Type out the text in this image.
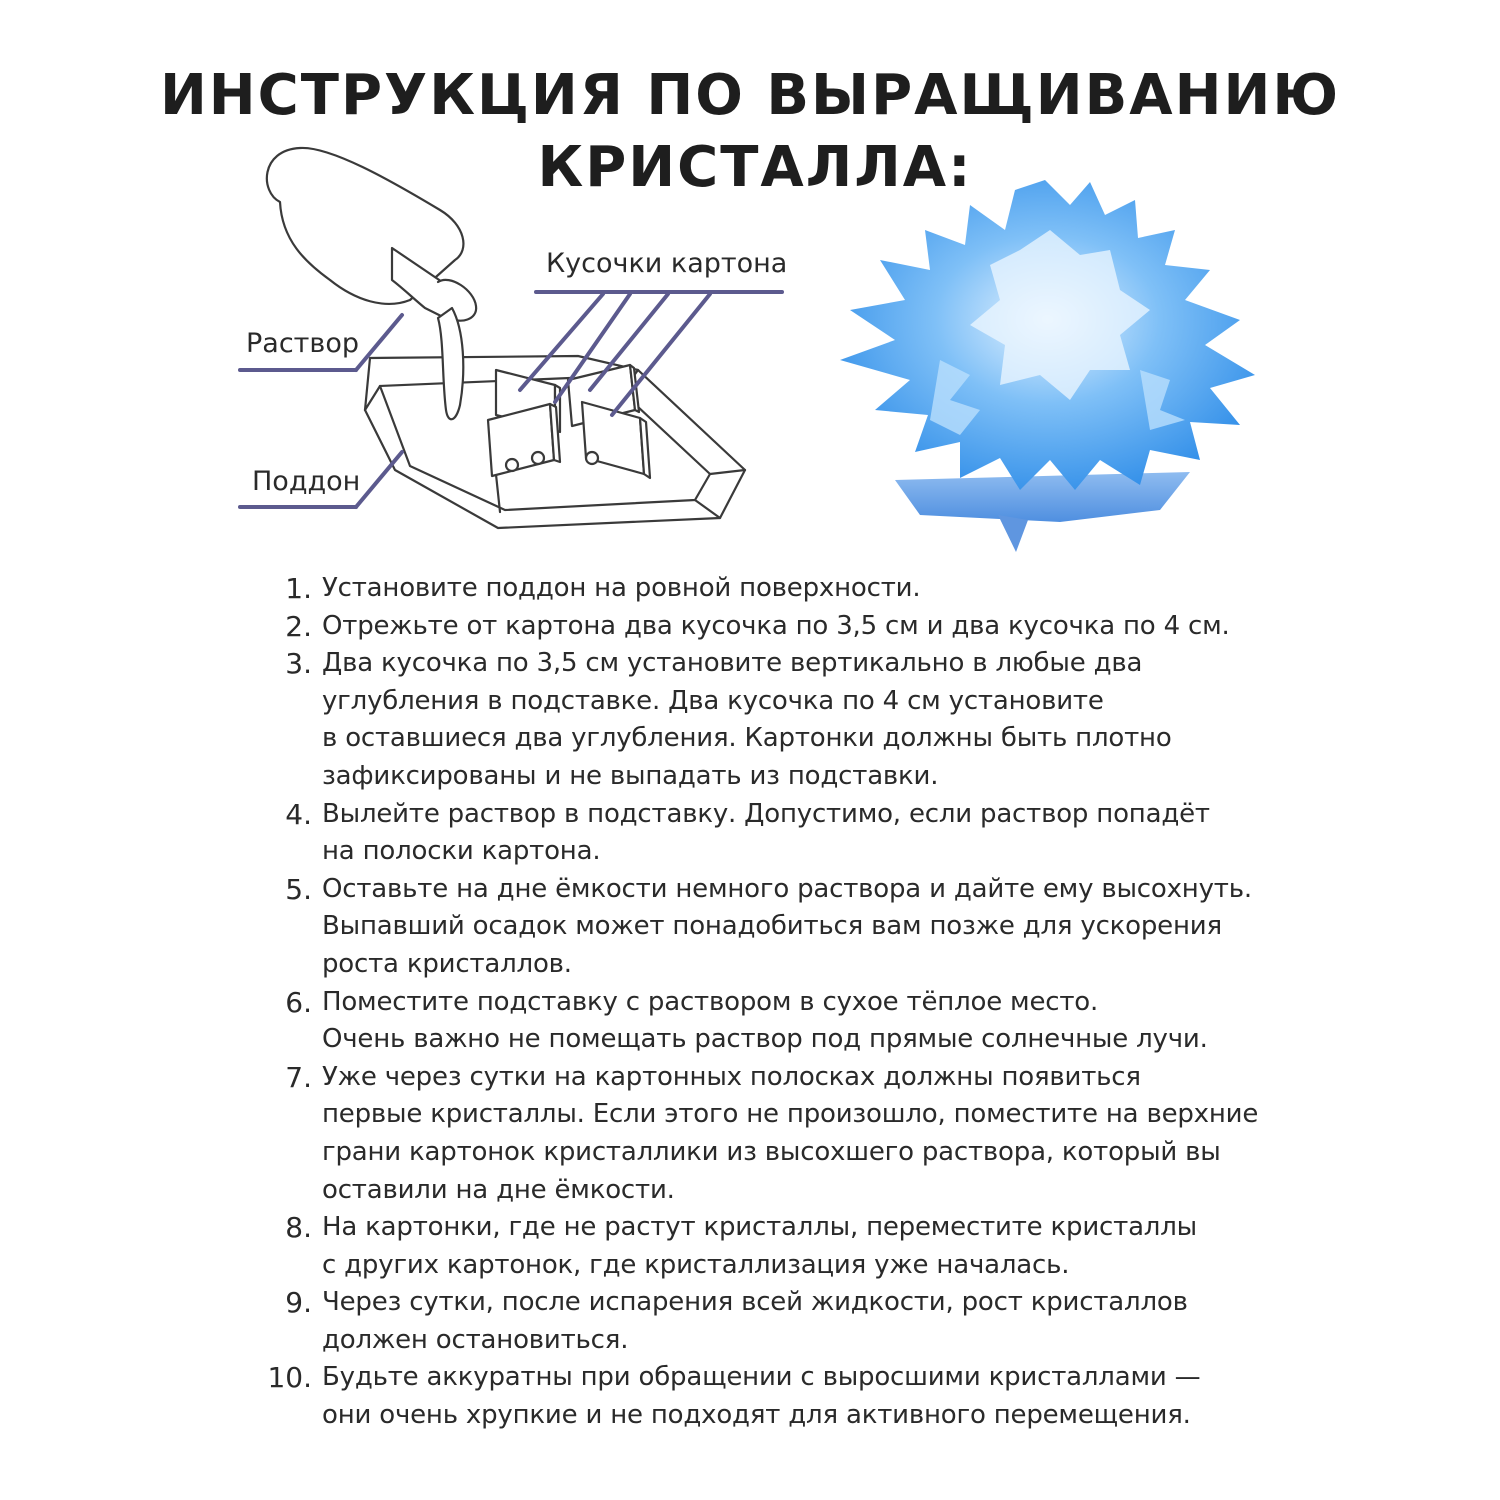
ИНСТРУКЦИЯ ПО ВЫРАЩИВАНИЮ
КРИСТАЛЛА:
Раствор
Поддон
Кусочки картона
1. Установите поддон на ровной поверхности.
2. Отрежьте от картона два кусочка по 3,5 см и два кусочка по 4 см.
3. Два кусочка по 3,5 см установите вертикально в любые два
углубления в подставке. Два кусочка по 4 см установите
в оставшиеся два углубления. Картонки должны быть плотно
зафиксированы и не выпадать из подставки.
4. Вылейте раствор в подставку. Допустимо, если раствор попадёт
на полоски картона.
5. Оставьте на дне ёмкости немного раствора и дайте ему высохнуть.
Выпавший осадок может понадобиться вам позже для ускорения
роста кристаллов.
6. Поместите подставку с раствором в сухое тёплое место.
Очень важно не помещать раствор под прямые солнечные лучи.
7. Уже через сутки на картонных полосках должны появиться
первые кристаллы. Если этого не произошло, поместите на верхние
грани картонок кристаллики из высохшего раствора, который вы
оставили на дне ёмкости.
8. На картонки, где не растут кристаллы, переместите кристаллы
с других картонок, где кристаллизация уже началась.
9. Через сутки, после испарения всей жидкости, рост кристаллов
должен остановиться.
10. Будьте аккуратны при обращении с выросшими кристаллами —
они очень хрупкие и не подходят для активного перемещения.
